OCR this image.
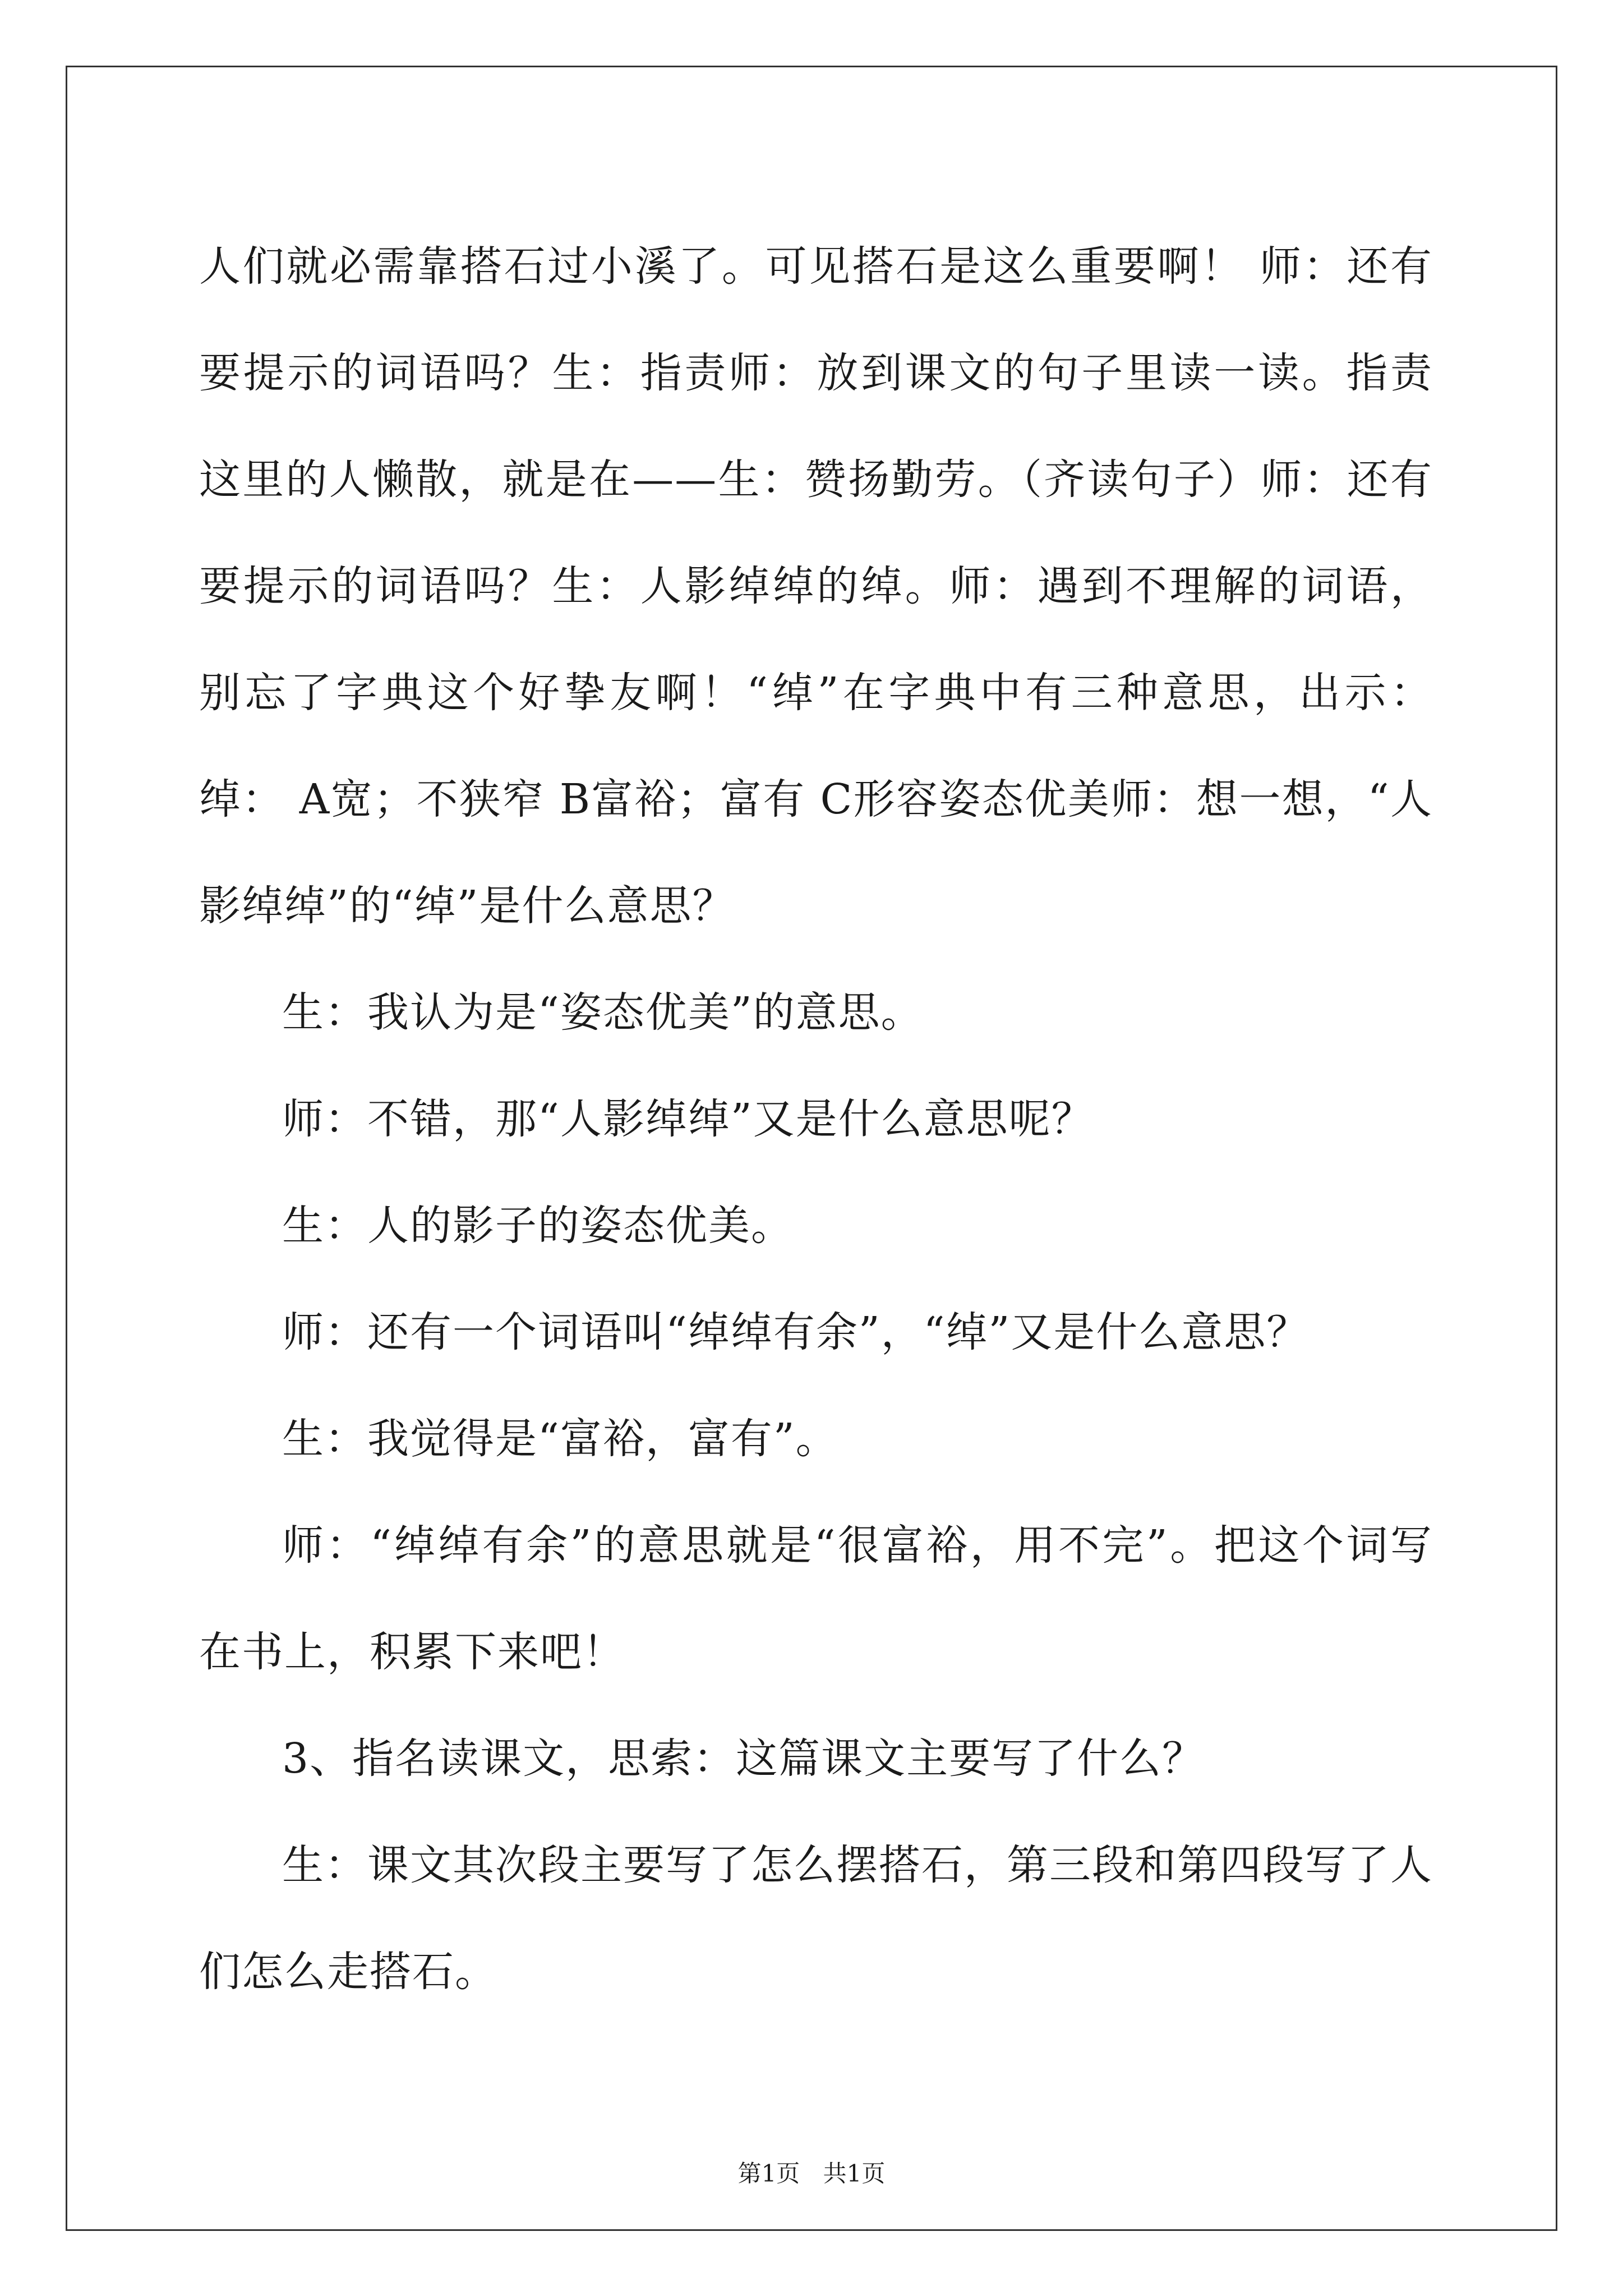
人们就必需靠搭石过小溪了。可见搭石是这么重要啊！ 师：还有要提示的词语吗？生：指责师：放到课文的句子里读一读。指责这里的人懒散，就是在——生：赞扬勤劳。（齐读句子）师：还有要提示的词语吗？生：人影绰绰的绰。师：遇到不理解的词语，别忘了字典这个好挚友啊！“绰”在字典中有三种意思，出示：绰： A宽；不狭窄 B富裕；富有 C形容姿态优美师：想一想，“人影绰绰”的“绰”是什么意思？

生：我认为是“姿态优美”的意思。

师：不错，那“人影绰绰”又是什么意思呢？

生：人的影子的姿态优美。

师：还有一个词语叫“绰绰有余”，“绰”又是什么意思？

生：我觉得是“富裕，富有”。

师：“绰绰有余”的意思就是“很富裕，用不完”。把这个词写在书上，积累下来吧！

3、指名读课文，思索：这篇课文主要写了什么？

生：课文其次段主要写了怎么摆搭石，第三段和第四段写了人们怎么走搭石。

第1页 共1页
